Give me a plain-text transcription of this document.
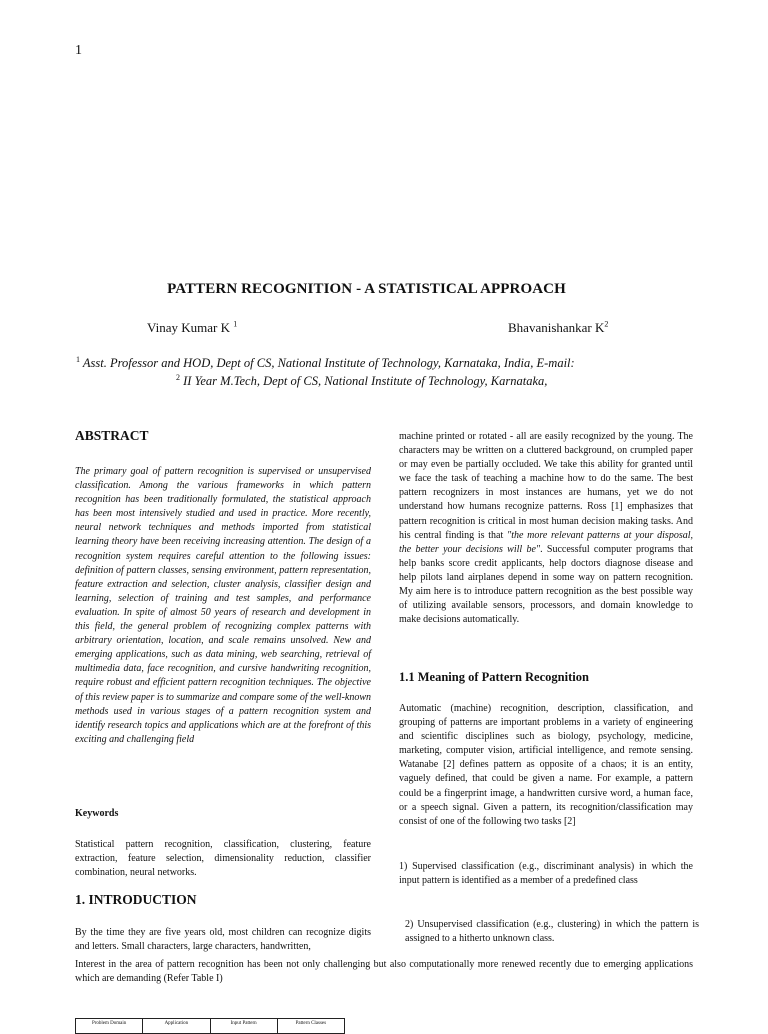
1
PATTERN RECOGNITION - A STATISTICAL APPROACH
Vinay Kumar K $^1$	Bhavanishankar $K^2$
$^1$ Asst. Professor and HOD, Dept of CS, National Institute of Technology, Karnataka, India, E-mail:
$^2$ II Year M.Tech, Dept of CS, National Institute of Technology, Karnataka,
ABSTRACT

The primary goal of pattern recognition is supervised or unsupervised classification. Among the various frameworks in which pattern recognition has been traditionally formulated, the statistical approach has been most intensively studied and used in practice. More recently, neural network techniques and methods imported from statistical learning theory have been receiving increasing attention. The design of a recognition system requires careful attention to the following issues: definition of pattern classes, sensing environment, pattern representation, feature extraction and selection, cluster analysis, classifier design and learning, selection of training and test samples, and performance evaluation. In spite of almost 50 years of research and development in this field, the general problem of recognizing complex patterns with arbitrary orientation, location, and scale remains unsolved. New and emerging applications, such as data mining, web searching, retrieval of multimedia data, face recognition, and cursive handwriting recognition, require robust and efficient pattern recognition techniques. The objective of this review paper is to summarize and compare some of the well-known methods used in various stages of a pattern recognition system and identify research topics and applications which are at the forefront of this exciting and challenging field

Keywords

Statistical pattern recognition, classification, clustering, feature extraction, feature selection, dimensionality reduction, classifier combination, neural networks.

1. INTRODUCTION

By the time they are five years old, most children can recognize digits and letters. Small characters, large characters, handwritten,

machine printed or rotated - all are easily recognized by the young. The characters may be written on a cluttered background, on crumpled paper or may even be partially occluded. We take this ability for granted until we face the task of teaching a machine how to do the same. The best pattern recognizers in most instances are humans, yet we do not understand how humans recognize patterns. Ross [1] emphasizes that pattern recognition is critical in most human decision making tasks. And his central finding is that "the more relevant patterns at your disposal, the better your decisions will be". Successful computer programs that help banks score credit applicants, help doctors diagnose disease and help pilots land airplanes depend in some way on pattern recognition. My aim here is to introduce pattern recognition as the best possible way of utilizing available sensors, processors, and domain knowledge to make decisions automatically.

1.1 Meaning of Pattern Recognition

Automatic (machine) recognition, description, classification, and grouping of patterns are important problems in a variety of engineering and scientific disciplines such as biology, psychology, medicine, marketing, computer vision, artificial intelligence, and remote sensing. Watanabe [2] defines pattern as opposite of a chaos; it is an entity, vaguely defined, that could be given a name. For example, a pattern could be a fingerprint image, a handwritten cursive word, a human face, or a speech signal. Given a pattern, its recognition/classification may consist of one of the following two tasks [2]

1) Supervised classification (e.g., discriminant analysis) in which the input pattern is identified as a member of a predefined class

2) Unsupervised classification (e.g., clustering) in which the pattern is assigned to a hitherto unknown class.

Interest in the area of pattern recognition has been not only challenging but also computationally more renewed recently due to emerging applications which are demanding (Refer Table I)

Problem Domain	Application	Input Pattern	Pattern Classes
